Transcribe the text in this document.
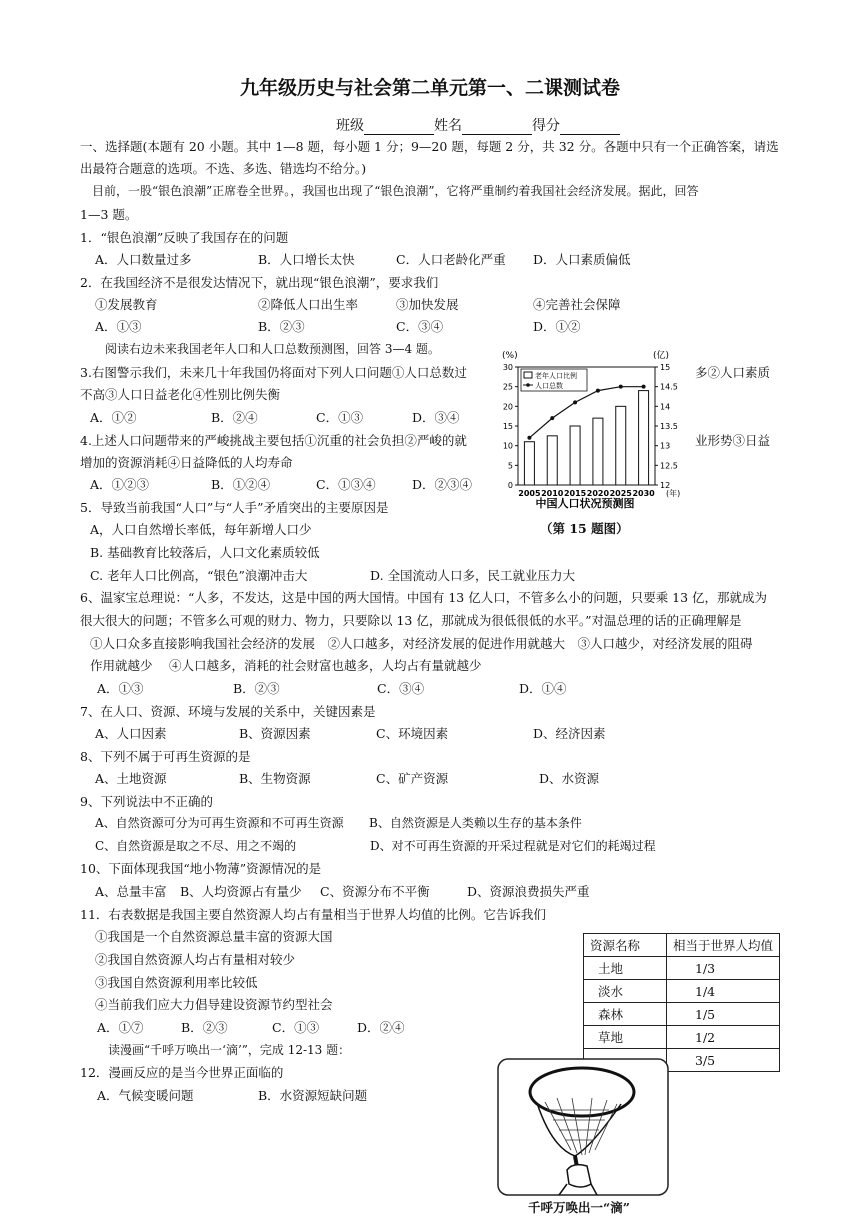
九年级历史与社会第二单元第一、二课测试卷
班级	姓名	得分
一、选择题(本题有 20 小题。其中 1—8 题，每小题 1 分；9—20 题，每题 2 分，共 32 分。各题中只有一个正确答案，请选
出最符合题意的选项。不选、多选、错选均不给分。)
目前，一股“银色浪潮”正席卷全世界。，我国也出现了“银色浪潮”，它将严重制约着我国社会经济发展。据此，回答
1—3 题。
1．“银色浪潮”反映了我国存在的问题
A．人口数量过多	B．人口增长太快	C．人口老龄化严重 D．人口素质偏低
2．在我国经济不是很发达情况下，就出现“银色浪潮”，要求我们
①发展教育	②降低人口出生率	③加快发展	④完善社会保障
A．①③	B．②③	C．③④	D．①②
阅读右边未来我国老年人口和人口总数预测图，回答 3—4 题。
3.右图警示我们，未来几十年我国仍将面对下列人口问题①人口总数过	多②人口素质
不高③人口日益老化④性别比例失衡
A．①②	B．②④	C．①③	D．③④
4.上述人口问题带来的严峻挑战主要包括①沉重的社会负担②严峻的就	业形势③日益
增加的资源消耗④日益降低的人均寿命
A．①②③	B．①②④	C．①③④	D．②③④
5．导致当前我国“人口”与“人手”矛盾突出的主要原因是
A，人口自然增长率低，每年新增人口少
B. 基础教育比较落后，人口文化素质较低
C. 老年人口比例高，“银色”浪潮冲击大	D. 全国流动人口多，民工就业压力大
6、温家宝总理说：“人多，不发达，这是中国的两大国情。中国有 13 亿人口，不管多么小的问题，只要乘 13 亿，那就成为
很大很大的问题；不管多么可观的财力、物力，只要除以 13 亿，那就成为很低很低的水平。”对温总理的话的正确理解是
①人口众多直接影响我国社会经济的发展　②人口越多，对经济发展的促进作用就越大　③人口越少，对经济发展的阻碍
作用就越少　 ④人口越多，消耗的社会财富也越多，人均占有量就越少
A．①③	B．②③	C．③④	D．①④
7、在人口、资源、环境与发展的关系中，关键因素是
A、人口因素	B、资源因素	C、环境因素	D、经济因素
8、下列不属于可再生资源的是
A、土地资源	B、生物资源	C、矿产资源	D、水资源
9、下列说法中不正确的
A、自然资源可分为可再生资源和不可再生资源 B、自然资源是人类赖以生存的基本条件
C、自然资源是取之不尽、用之不竭的	D、对不可再生资源的开采过程就是对它们的耗竭过程
10、下面体现我国“地小物薄”资源情况的是
A、总量丰富 B、人均资源占有量少 C、资源分布不平衡	D、资源浪费损失严重
11．右表数据是我国主要自然资源人均占有量相当于世界人均值的比例。它告诉我们
①我国是一个自然资源总量丰富的资源大国
②我国自然资源人均占有量相对较少
③我国自然资源利用率比较低
④当前我们应大力倡导建设资源节约型社会
A．①⑦	B．②③	C．①③	D．②④
读漫画“千呼万唤出一‘滴’”，完成 12-13 题：
12．漫画反应的是当今世界正面临的
A．气候变暖问题	B．水资源短缺问题
资源名称	相当于世界人均值
土地	1/3
淡水	1/4
森林	1/5
草地	1/2
	3/5
(%)	(亿)
0
5
10
15
20
25
30
12
12.5
13
13.5
14
14.5
15
2005 2010 2015 2020 2025 2030
老年人口比例
人口总数
(年)
中国人口状况预测图
（第 15 题图）
千呼万唤出一“滴”
